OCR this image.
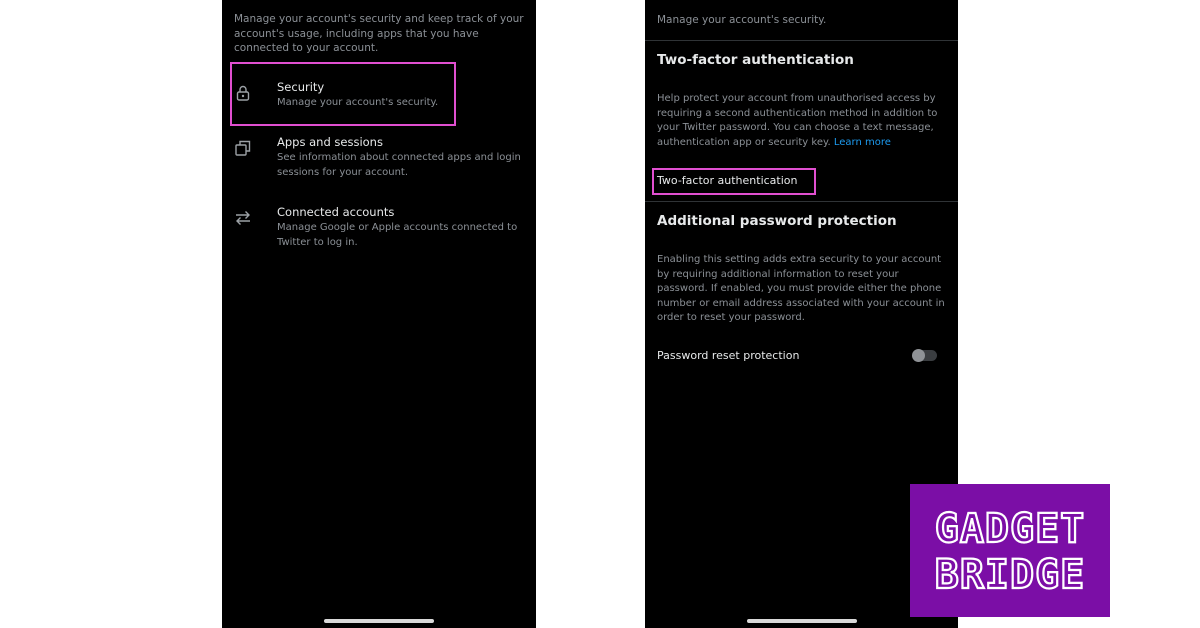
Manage your account's security and keep track of your account's usage, including apps that you have connected to your account.
Security
Manage your account's security.
Apps and sessions
See information about connected apps and login sessions for your account.
Connected accounts
Manage Google or Apple accounts connected to Twitter to log in.
Manage your account's security.
Two-factor authentication
Help protect your account from unauthorised access by requiring a second authentication method in addition to your Twitter password. You can choose a text message, authentication app or security key. Learn more
Two-factor authentication
Additional password protection
Enabling this setting adds extra security to your account by requiring additional information to reset your password. If enabled, you must provide either the phone number or email address associated with your account in order to reset your password.
Password reset protection
GADGET
BRIDGE
